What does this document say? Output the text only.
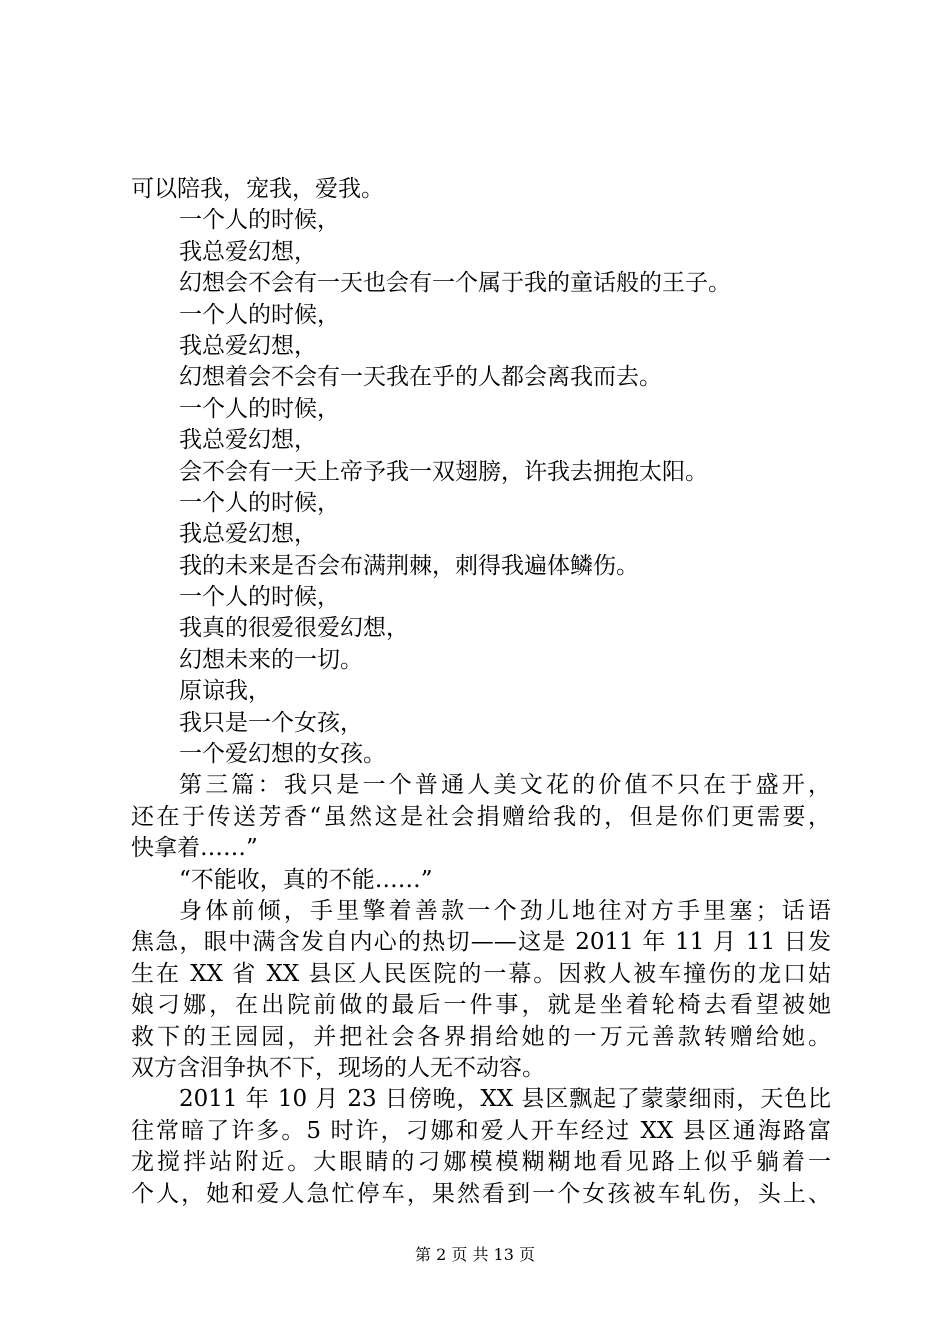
可以陪我，宠我，爱我。
一个人的时候，
我总爱幻想，
幻想会不会有一天也会有一个属于我的童话般的王子。
一个人的时候，
我总爱幻想，
幻想着会不会有一天我在乎的人都会离我而去。
一个人的时候，
我总爱幻想，
会不会有一天上帝予我一双翅膀，许我去拥抱太阳。
一个人的时候，
我总爱幻想，
我的未来是否会布满荆棘，刺得我遍体鳞伤。
一个人的时候，
我真的很爱很爱幻想，
幻想未来的一切。
原谅我，
我只是一个女孩，
一个爱幻想的女孩。
第三篇：我只是一个普通人美文花的价值不只在于盛开，
还在于传送芳香“虽然这是社会捐赠给我的，但是你们更需要，
快拿着……”
“不能收，真的不能……”
身体前倾，手里擎着善款一个劲儿地往对方手里塞；话语
焦急，眼中满含发自内心的热切——这是 2011 年 11 月 11 日发
生在 XX 省 XX 县区人民医院的一幕。因救人被车撞伤的龙口姑
娘刁娜，在出院前做的最后一件事，就是坐着轮椅去看望被她
救下的王园园，并把社会各界捐给她的一万元善款转赠给她。
双方含泪争执不下，现场的人无不动容。
2011 年 10 月 23 日傍晚，XX 县区飘起了蒙蒙细雨，天色比
往常暗了许多。5 时许，刁娜和爱人开车经过 XX 县区通海路富
龙搅拌站附近。大眼睛的刁娜模模糊糊地看见路上似乎躺着一
个人，她和爱人急忙停车，果然看到一个女孩被车轧伤，头上、
第 2 页 共 13 页
